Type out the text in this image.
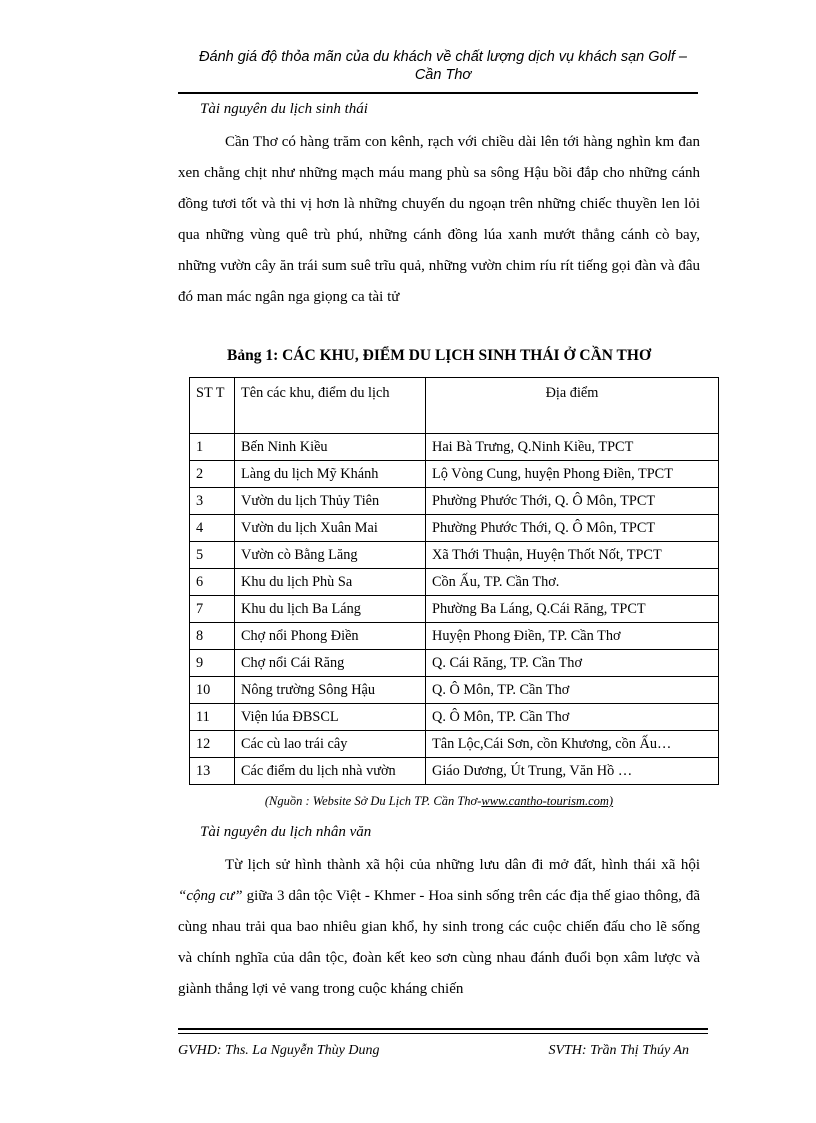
Đánh giá độ thỏa mãn của du khách về chất lượng dịch vụ khách sạn Golf –
Cần Thơ
Tài nguyên du lịch sinh thái
Cần Thơ có hàng trăm con kênh, rạch với chiều dài lên tới hàng nghìn km đan xen chằng chịt như những mạch máu mang phù sa sông Hậu bồi đắp cho những cánh đồng tươi tốt và thi vị hơn là những chuyến du ngoạn trên những chiếc thuyền len lỏi qua những vùng quê trù phú, những cánh đồng lúa xanh mướt thẳng cánh cò bay, những vườn cây ăn trái sum suê trĩu quả, những vườn chim ríu rít tiếng gọi đàn và đâu đó man mác ngân nga giọng ca tài tử
Bảng 1: CÁC KHU, ĐIỂM DU LỊCH SINH THÁI Ở CẦN THƠ
ST T	Tên các khu, điểm du lịch	Địa điểm
1	Bến Ninh Kiều	Hai Bà Trưng, Q.Ninh Kiều, TPCT
2	Làng du lịch Mỹ Khánh	Lộ Vòng Cung, huyện Phong Điền, TPCT
3	Vườn du lịch Thủy Tiên	Phường Phước Thới, Q. Ô Môn, TPCT
4	Vườn du lịch Xuân Mai	Phường Phước Thới, Q. Ô Môn, TPCT
5	Vườn cò Bằng Lăng	Xã Thới Thuận, Huyện Thốt Nốt, TPCT
6	Khu du lịch Phù Sa	Cồn Ấu, TP. Cần Thơ.
7	Khu du lịch Ba Láng	Phường Ba Láng, Q.Cái Răng, TPCT
8	Chợ nổi Phong Điền	Huyện Phong Điền, TP. Cần Thơ
9	Chợ nổi Cái Răng	Q. Cái Răng, TP. Cần Thơ
10	Nông trường Sông Hậu	Q. Ô Môn, TP. Cần Thơ
11	Viện lúa ĐBSCL	Q. Ô Môn, TP. Cần Thơ
12	Các cù lao trái cây	Tân Lộc,Cái Sơn, cồn Khương, cồn Ấu…
13	Các điểm du lịch nhà vườn	Giáo Dương, Út Trung, Văn Hồ …
(Nguồn : Website Sở Du Lịch TP. Cần Thơ-www.cantho-tourism.com)
Tài nguyên du lịch nhân văn
Từ lịch sử hình thành xã hội của những lưu dân đi mở đất, hình thái xã hội “cộng cư” giữa 3 dân tộc Việt - Khmer - Hoa sinh sống trên các địa thế giao thông, đã cùng nhau trải qua bao nhiêu gian khổ, hy sinh trong các cuộc chiến đấu cho lẽ sống và chính nghĩa của dân tộc, đoàn kết keo sơn cùng nhau đánh đuổi bọn xâm lược và giành thắng lợi vẻ vang trong cuộc kháng chiến
GVHD: Ths. La Nguyễn Thùy Dung	SVTH: Trần Thị Thúy An
